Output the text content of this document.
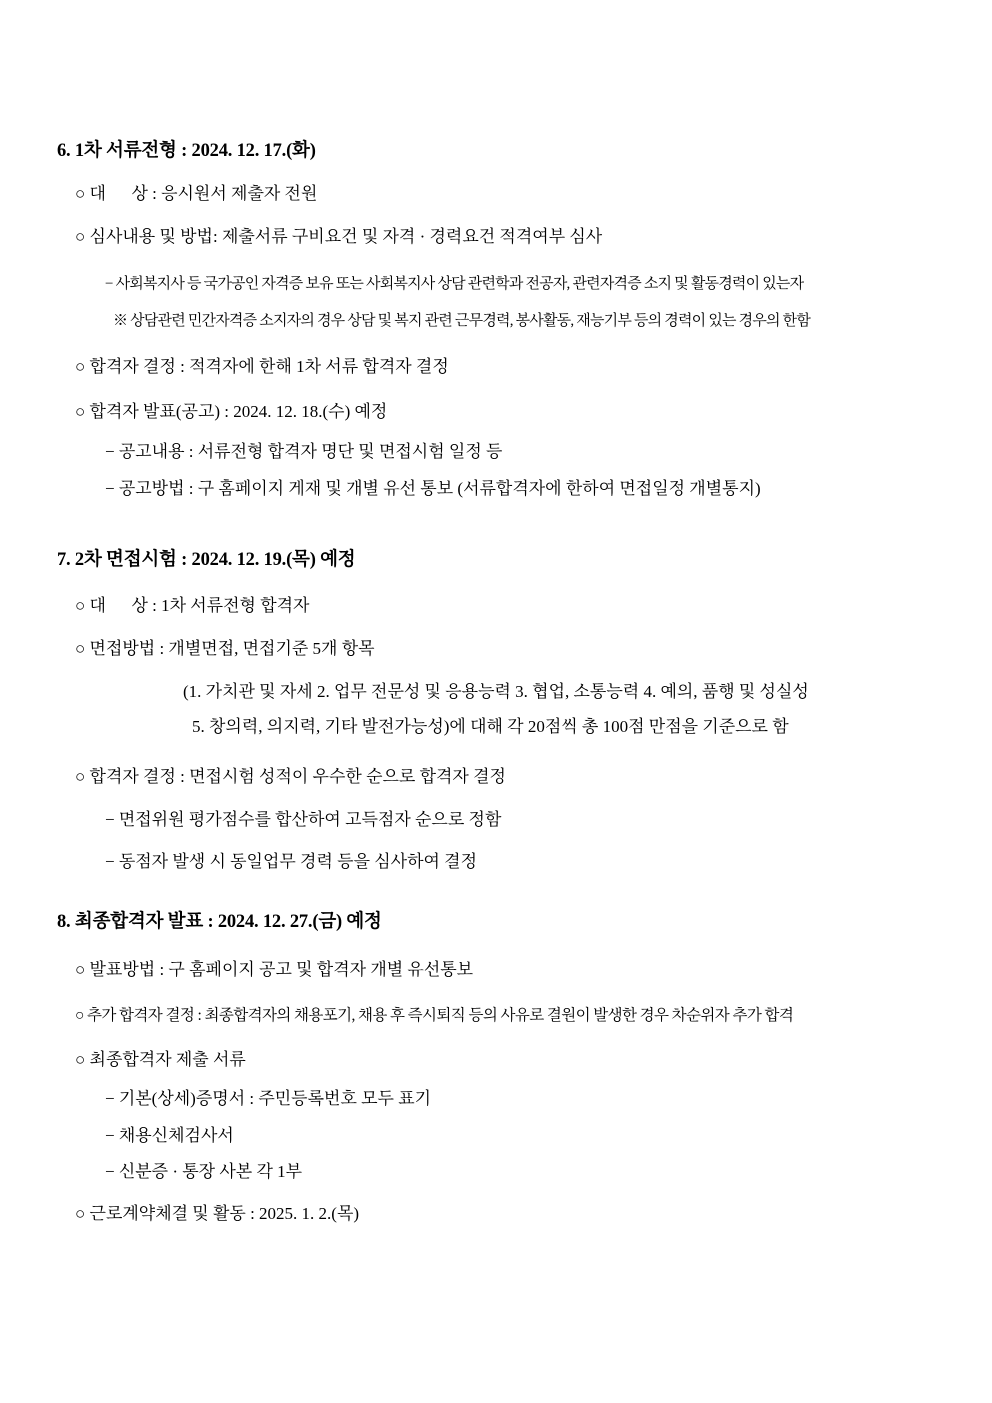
6. 1차 서류전형 : 2024. 12. 17.(화)
○ 대      상 : 응시원서 제출자 전원
○ 심사내용 및 방법: 제출서류 구비요건 및 자격 · 경력요건 적격여부 심사
− 사회복지사 등 국가공인 자격증 보유 또는 사회복지사 상담 관련학과 전공자, 관련자격증 소지 및 활동경력이 있는자
※ 상담관련 민간자격증 소지자의 경우 상담 및 복지 관련 근무경력, 봉사활동, 재능기부 등의 경력이 있는 경우의 한함
○ 합격자 결정 : 적격자에 한해 1차 서류 합격자 결정
○ 합격자 발표(공고) : 2024. 12. 18.(수) 예정
− 공고내용 : 서류전형 합격자 명단 및 면접시험 일정 등
− 공고방법 : 구 홈페이지 게재 및 개별 유선 통보 (서류합격자에 한하여 면접일정 개별통지)
7. 2차 면접시험 : 2024. 12. 19.(목) 예정
○ 대      상 : 1차 서류전형 합격자
○ 면접방법 : 개별면접, 면접기준 5개 항목
(1. 가치관 및 자세 2. 업무 전문성 및 응용능력 3. 협업, 소통능력 4. 예의, 품행 및 성실성
5. 창의력, 의지력, 기타 발전가능성)에 대해 각 20점씩 총 100점 만점을 기준으로 함
○ 합격자 결정 : 면접시험 성적이 우수한 순으로 합격자 결정
− 면접위원 평가점수를 합산하여 고득점자 순으로 정함
− 동점자 발생 시 동일업무 경력 등을 심사하여 결정
8. 최종합격자 발표 : 2024. 12. 27.(금) 예정
○ 발표방법 : 구 홈페이지 공고 및 합격자 개별 유선통보
○ 추가 합격자 결정 : 최종합격자의 채용포기, 채용 후 즉시퇴직 등의 사유로 결원이 발생한 경우 차순위자 추가 합격
○ 최종합격자 제출 서류
− 기본(상세)증명서 : 주민등록번호 모두 표기
− 채용신체검사서
− 신분증 · 통장 사본 각 1부
○ 근로계약체결 및 활동 : 2025. 1. 2.(목)
